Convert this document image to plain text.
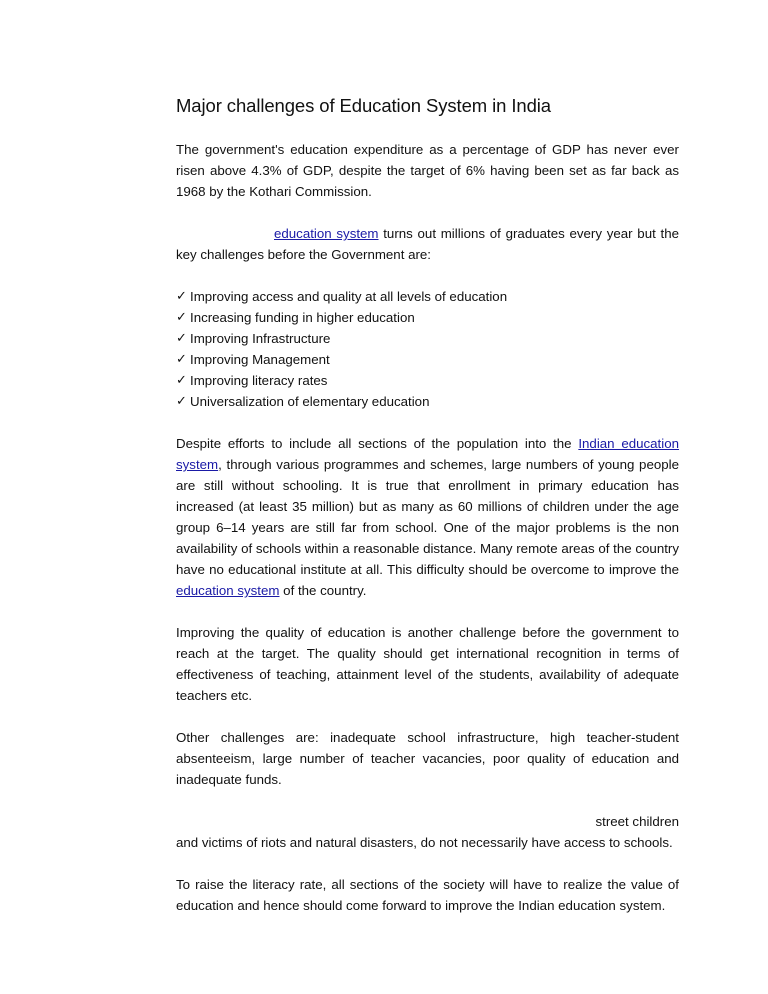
Major challenges of Education System in India

The government's education expenditure as a percentage of GDP has never ever risen above 4.3% of GDP, despite the target of 6% having been set as far back as 1968 by the Kothari Commission.

education system turns out millions of graduates every year but the key challenges before the Government are:

✓ Improving access and quality at all levels of education
✓ Increasing funding in higher education
✓ Improving Infrastructure
✓ Improving Management
✓ Improving literacy rates
✓ Universalization of elementary education

Despite efforts to include all sections of the population into the Indian education system, through various programmes and schemes, large numbers of young people are still without schooling. It is true that enrollment in primary education has increased (at least 35 million) but as many as 60 millions of children under the age group 6–14 years are still far from school. One of the major problems is the non availability of schools within a reasonable distance. Many remote areas of the country have no educational institute at all. This difficulty should be overcome to improve the education system of the country.

Improving the quality of education is another challenge before the government to reach at the target. The quality should get international recognition in terms of effectiveness of teaching, attainment level of the students, availability of adequate teachers etc.

Other challenges are: inadequate school infrastructure, high teacher-student absenteeism, large number of teacher vacancies, poor quality of education and inadequate funds.

street children
and victims of riots and natural disasters, do not necessarily have access to schools.

To raise the literacy rate, all sections of the society will have to realize the value of education and hence should come forward to improve the Indian education system.
